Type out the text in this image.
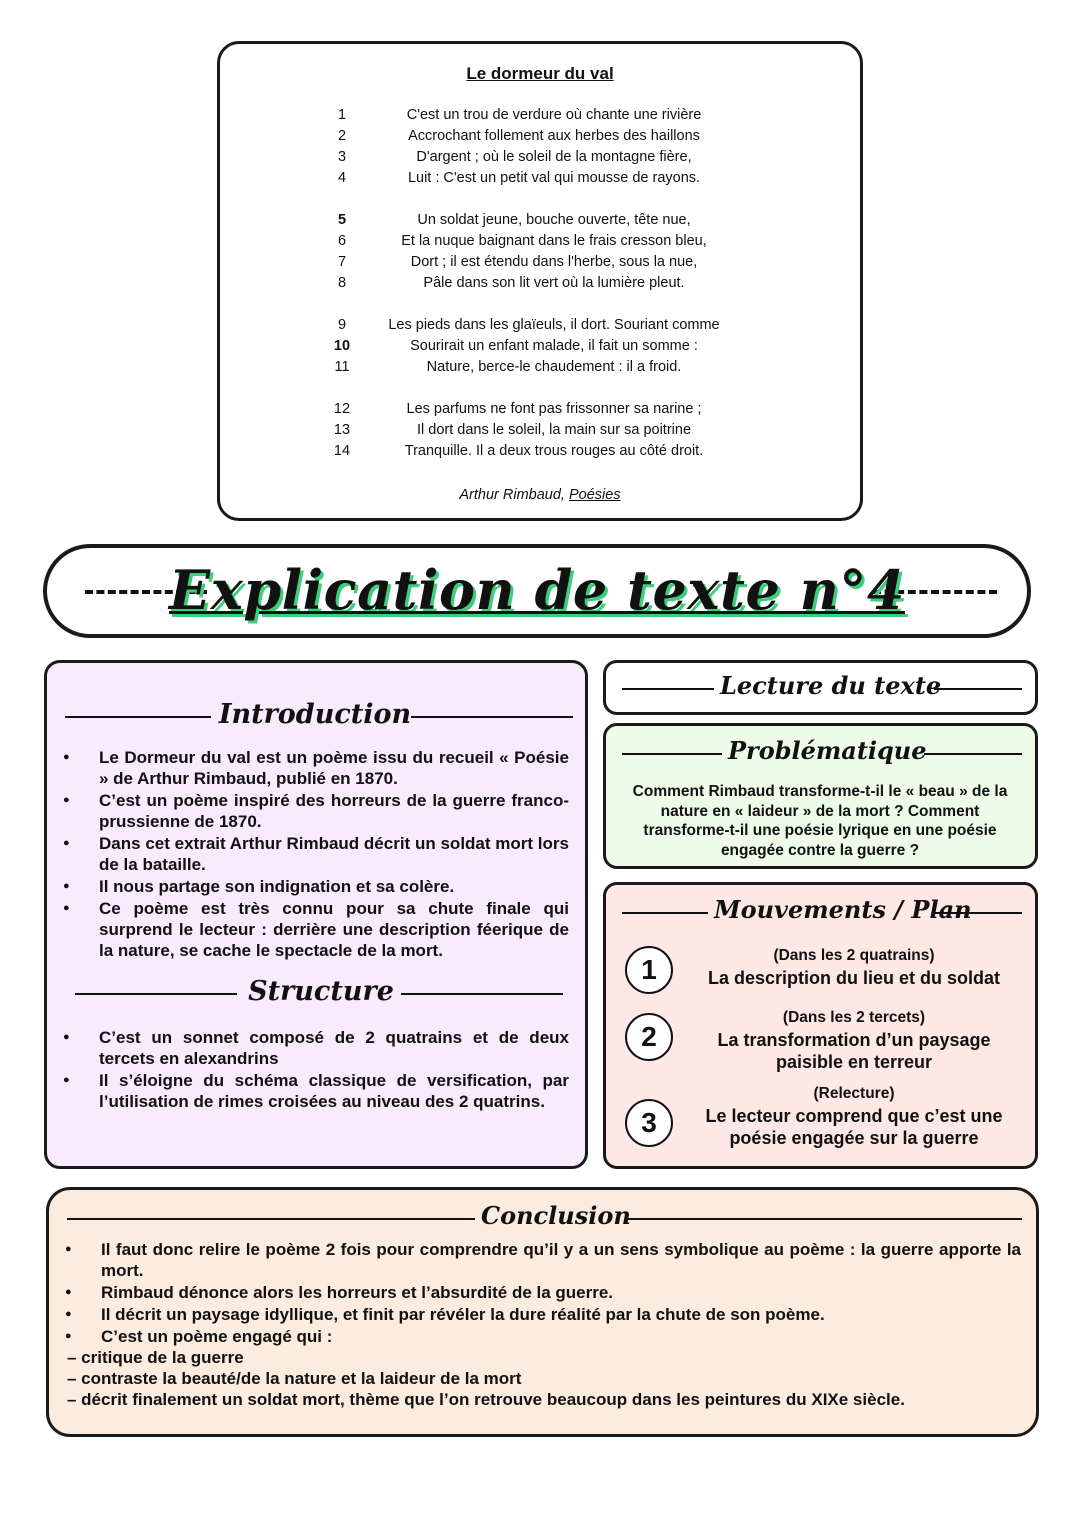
Le dormeur du val
1	C'est un trou de verdure où chante une rivière
2	Accrochant follement aux herbes des haillons
3	D'argent ; où le soleil de la montagne fière,
4	Luit : C'est un petit val qui mousse de rayons.
5	Un soldat jeune, bouche ouverte, tête nue,
6	Et la nuque baignant dans le frais cresson bleu,
7	Dort ; il est étendu dans l'herbe, sous la nue,
8	Pâle dans son lit vert où la lumière pleut.
9	Les pieds dans les glaïeuls, il dort. Souriant comme
10	Sourirait un enfant malade, il fait un somme :
11	Nature, berce-le chaudement : il a froid.
12	Les parfums ne font pas frissonner sa narine ;
13	Il dort dans le soleil, la main sur sa poitrine
14	Tranquille. Il a deux trous rouges au côté droit.
Arthur Rimbaud, Poésies
Explication de texte n°4
Introduction
● Le Dormeur du val est un poème issu du recueil « Poésie » de Arthur Rimbaud, publié en 1870.
● C’est un poème inspiré des horreurs de la guerre franco-prussienne de 1870.
● Dans cet extrait Arthur Rimbaud décrit un soldat mort lors de la bataille.
● Il nous partage son indignation et sa colère.
● Ce poème est très connu pour sa chute finale qui surprend le lecteur : derrière une description féerique de la nature, se cache le spectacle de la mort.
Structure
● C’est un sonnet composé de 2 quatrains et de deux tercets en alexandrins
● Il s’éloigne du schéma classique de versification, par l’utilisation de rimes croisées au niveau des 2 quatrins.
Lecture du texte
Problématique
Comment Rimbaud transforme-t-il le « beau » de la nature en « laideur » de la mort ? Comment transforme-t-il une poésie lyrique en une poésie engagée contre la guerre ?
Mouvements / Plan
1	(Dans les 2 quatrains)
La description du lieu et du soldat
2
(Dans les 2 tercets)
La transformation d’un paysage paisible en terreur
3
(Relecture)
Le lecteur comprend que c’est une poésie engagée sur la guerre
Conclusion
● Il faut donc relire le poème 2 fois pour comprendre qu’il y a un sens symbolique au poème : la guerre apporte la mort.
● Rimbaud dénonce alors les horreurs et l’absurdité de la guerre.
● Il décrit un paysage idyllique, et finit par révéler la dure réalité par la chute de son poème.
● C’est un poème engagé qui :
– critique de la guerre
– contraste la beauté/de la nature et la laideur de la mort
– décrit finalement un soldat mort, thème que l’on retrouve beaucoup dans les peintures du XIXe siècle.
